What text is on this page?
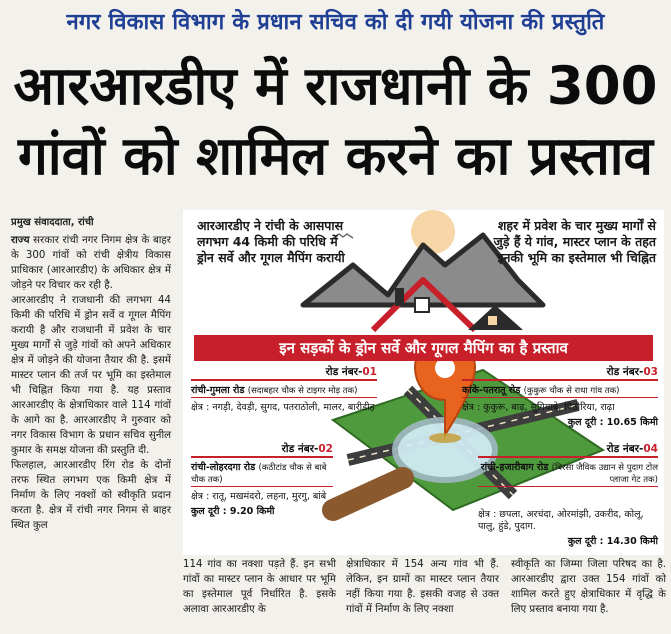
नगर विकास विभाग के प्रधान सचिव को दी गयी योजना की प्रस्तुति
आरआरडीए में राजधानी के 300
गांवों को शामिल करने का प्रस्ताव
प्रमुख संवाददाता, रांची

राज्य सरकार रांची नगर निगम क्षेत्र के बाहर के 300 गांवों को रांची क्षेत्रीय विकास प्राधिकार (आरआरडीए) के अधिकार क्षेत्र में जोड़ने पर विचार कर रही है.

आरआरडीए ने राजधानी की लगभग 44 किमी की परिधि में ड्रोन सर्वे व गूगल मैपिंग करायी है और राजधानी में प्रवेश के चार मुख्य मार्गों से जुड़े गांवों को अपने अधिकार क्षेत्र में जोड़ने की योजना तैयार की है. इसमें मास्टर प्लान की तर्ज पर भूमि का इस्तेमाल भी चिह्नित किया गया है. यह प्रस्ताव आरआरडीए के क्षेत्राधिकार वाले 114 गांवों के आगे का है. आरआरडीए ने गुरुवार को नगर विकास विभाग के प्रधान सचिव सुनील कुमार के समक्ष योजना की प्रस्तुति दी.

फिलहाल, आरआरडीए रिंग रोड के दोनों तरफ स्थित लगभग एक किमी क्षेत्र में निर्माण के लिए नक्शों को स्वीकृति प्रदान करता है. क्षेत्र में रांची नगर निगम से बाहर स्थित कुल

आरआरडीए ने रांची के आसपास लगभग 44 किमी की परिधि में ड्रोन सर्वे और गूगल मैपिंग करायी
शहर में प्रवेश के चार मुख्य मार्गों से जुड़े हैं ये गांव, मास्टर प्लान के तहत इनकी भूमि का इस्तेमाल भी चिह्नित
इन सड़कों के ड्रोन सर्वे और गूगल मैपिंग का है प्रस्ताव
रोड नंबर-01
रांची-गुमला रोड (सदाबहार चौक से टाइगर मोड़ तक)
क्षेत्र : नगड़ी, देवड़ी, सुगद, पतराठोली, मालर, बारीडीह
रोड नंबर-02
रांची-लोहरदगा रोड (कठीटांड चौक से बाबे चौक तक)
क्षेत्र : रातू, मखमंदरो, लहना, मुरगु, बांबे
कुल दूरी : 9.20 किमी
रोड नंबर-03
कांके-पतरातू रोड (कुकुरू चौक से राधा गांव तक)
क्षेत्र : कुकुरू, बाढ़, सुगियाबे, पिठौरिया, राढ़ा
कुल दूरी : 10.65 किमी
रोड नंबर-04
रांची-हजारीबाग रोड (बिरसा जैविक उद्यान से पुदाग टोल प्लाजा गेट तक)
क्षेत्र : छपला, अरचंदा, ओरमांझी, उकरीद, कोलू, पालु, हुंडे, पुदाग.
कुल दूरी : 14.30 किमी
114 गांव का नक्शा पड़ते हैं. इन सभी गांवों का मास्टर प्लान के आधार पर भूमि का इस्तेमाल पूर्व निर्धारित है. इसके अलावा आरआरडीए के
क्षेत्राधिकार में 154 अन्य गांव भी हैं. लेकिन, इन ग्रामों का मास्टर प्लान तैयार नहीं किया गया है. इसकी वजह से उक्त गांवों में निर्माण के लिए नक्शा
स्वीकृति का जिम्मा जिला परिषद का है. आरआरडीए द्वारा उक्त 154 गांवों को शामिल करते हुए क्षेत्राधिकार में वृद्धि के लिए प्रस्ताव बनाया गया है.
